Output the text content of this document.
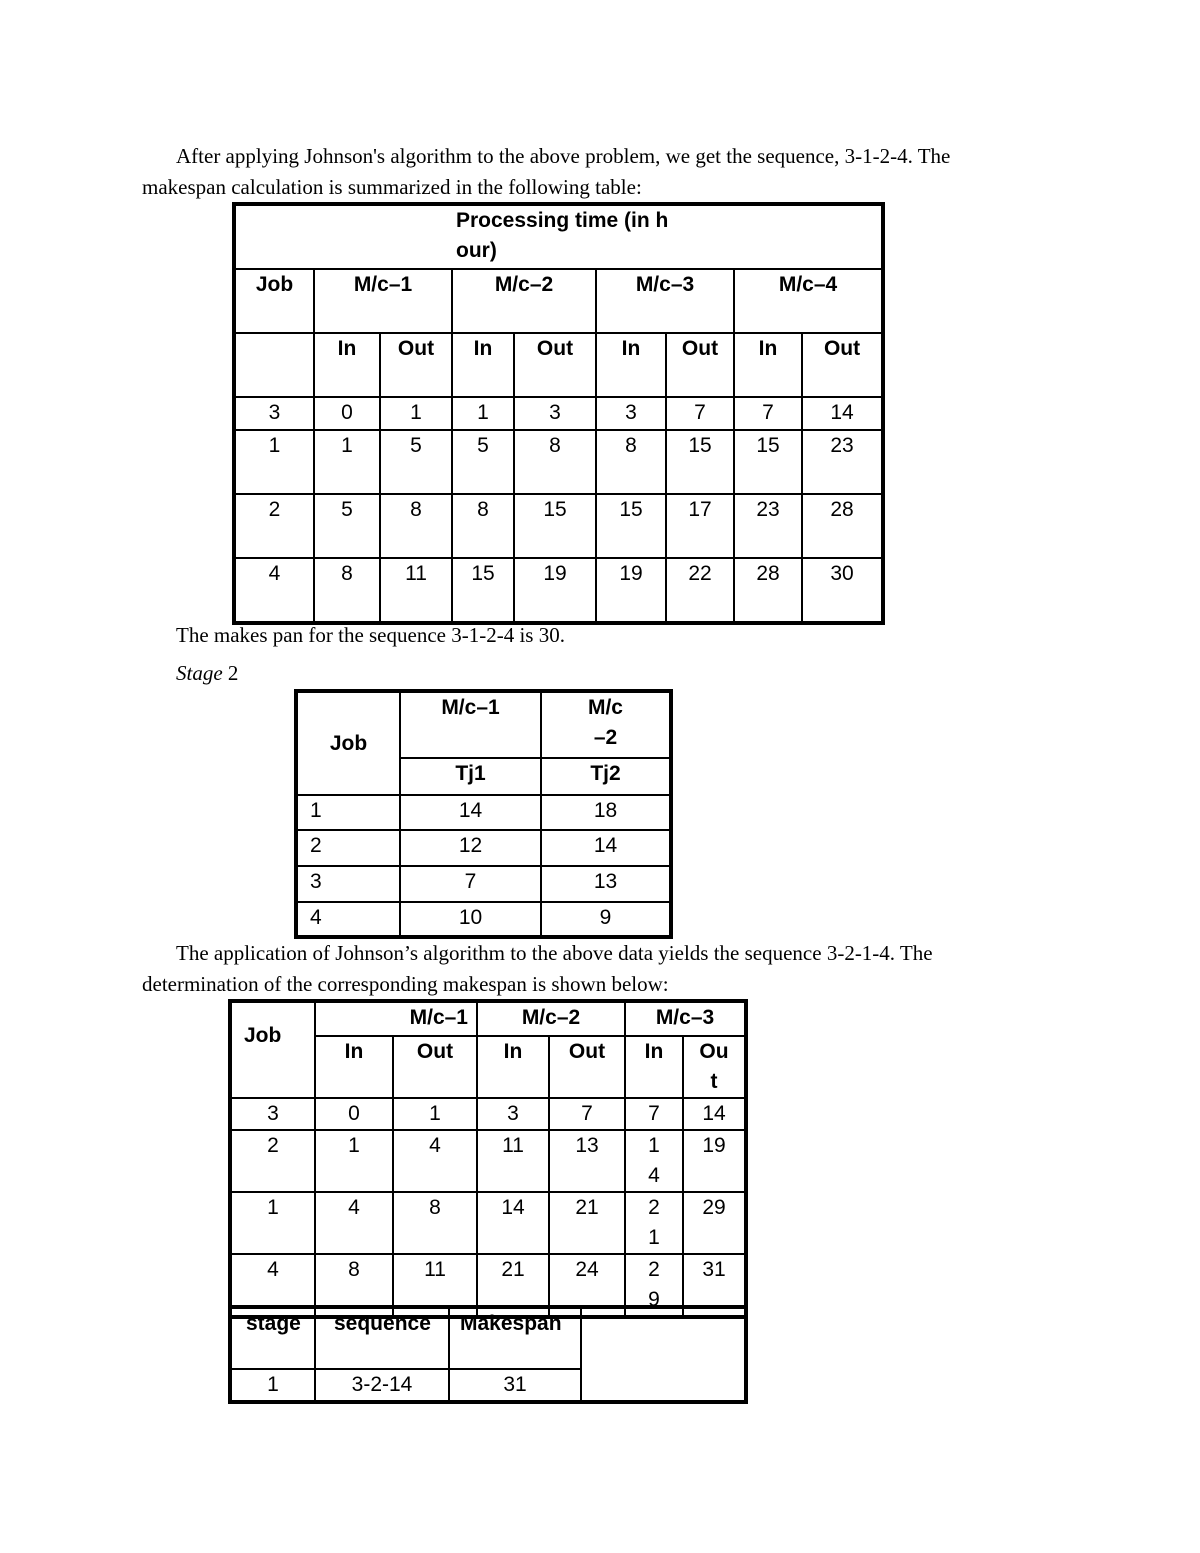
After applying Johnson's algorithm to the above problem, we get the sequence, 3-1-2-4. The
makespan calculation is summarized in the following table:

Processing time (in hour)								
Job	M/c–1		M/c–2		M/c–3		M/c–4	
	In	Out	In	Out	In	Out	In	Out
3	0	1	1	3	3	7	7	14
1	1	5	5	8	8	15	15	23
2	5	8	8	15	15	17	23	28
4	8	11	15	19	19	22	28	30

The makes pan for the sequence 3-1-2-4 is 30.

Stage 2
Job	M/c–1	M/c–2
	Tj1	Tj2
1	14	18
2	12	14
3	7	13
4	10	9

The application of Johnson’s algorithm to the above data yields the sequence 3-2-1-4. The
determination of the corresponding makespan is shown below:

Job	M/c–1		M/c–2		M/c–3	
	In	Out	In	Out	In	Out
3	0	1	3	7	7	14
2	1	4	11	13	14	19
1	4	8	14	21	21	29
4	8	11	21	24	29	31
stage	sequence	Makespan	
1	3-2-14	31	
